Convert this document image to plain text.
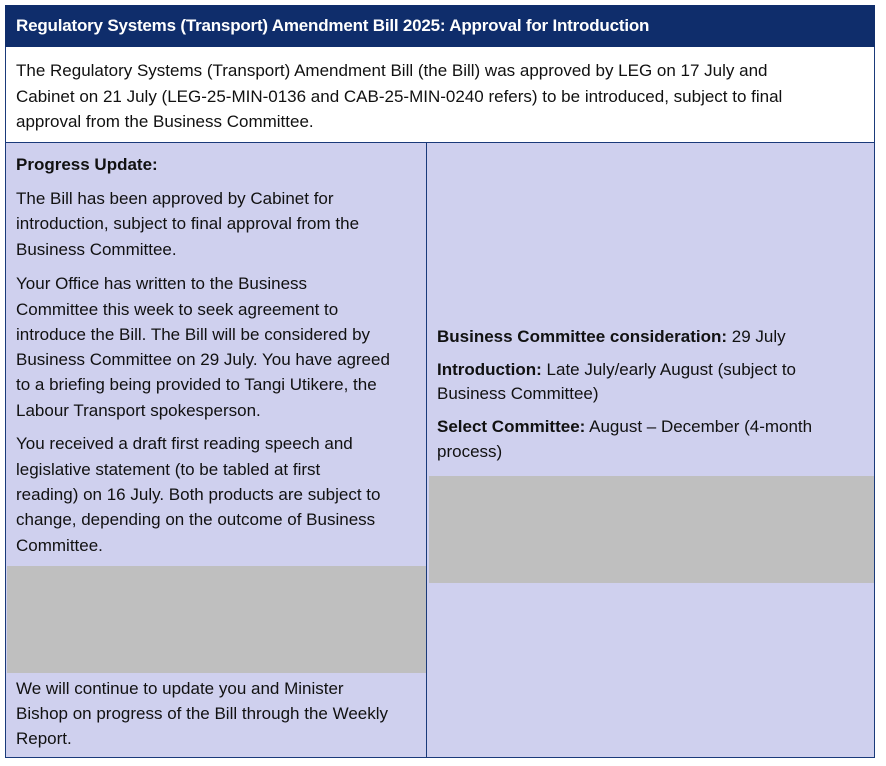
Regulatory Systems (Transport) Amendment Bill 2025: Approval for Introduction
The Regulatory Systems (Transport) Amendment Bill (the Bill) was approved by LEG on 17 July and
Cabinet on 21 July (LEG-25-MIN-0136 and CAB-25-MIN-0240 refers) to be introduced, subject to final
approval from the Business Committee.
Progress Update:
The Bill has been approved by Cabinet for
introduction, subject to final approval from the
Business Committee.
Your Office has written to the Business
Committee this week to seek agreement to
introduce the Bill. The Bill will be considered by
Business Committee on 29 July. You have agreed
to a briefing being provided to Tangi Utikere, the
Labour Transport spokesperson.
You received a draft first reading speech and
legislative statement (to be tabled at first
reading) on 16 July. Both products are subject to
change, depending on the outcome of Business
Committee.
We will continue to update you and Minister
Bishop on progress of the Bill through the Weekly
Report.
Business Committee consideration: 29 July
Introduction: Late July/early August (subject to
Business Committee)
Select Committee: August – December (4-month
process)
